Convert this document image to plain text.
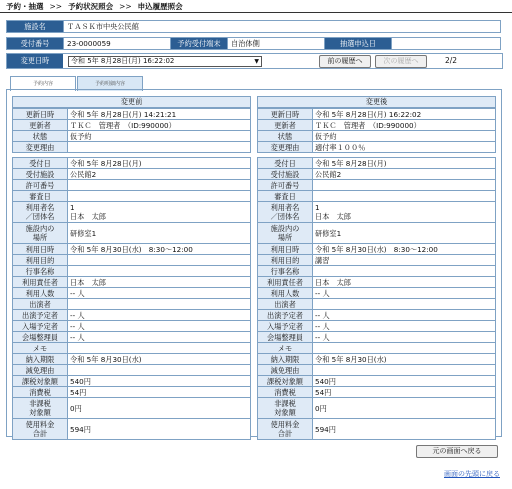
予約・抽選 >> 予約状況照会 >> 申込履歴照会
施設名	ＴＡＳＫ市中央公民館
受付番号	23-0000059	予約受付端末	自治体側	抽選申込日	
変更日時	令和 5年 8月28日(月) 16:22:02	▼	前の履歴へ	次の履歴へ	2/2
予約内容	予約明細内容
変更前
更新日時	令和 5年 8月28日(月) 14:21:21
更新者	ＴＫＣ　管理者　（ID:990000）
状態	仮予約
変更理由	
受付日	令和 5年 8月28日(月)
受付施設	公民館2
許可番号	
審査日	
利用者名
／団体名	1
日本　太郎
施設内の
場所	研修室1
利用日時	令和 5年 8月30日(水)　8:30～12:00
利用目的	
行事名称	
利用責任者	日本　太郎
利用人数	-- 人
出演者	
出演予定者	-- 人
入場予定者	-- 人
会場整理員	-- 人
メモ	
納入期限	令和 5年 8月30日(水)
減免理由	
課税対象額	540円
消費税	54円
非課税
対象額	0円
使用料金
合計	594円
変更後
更新日時	令和 5年 8月28日(月) 16:22:02
更新者	ＴＫＣ　管理者　（ID:990000）
状態	仮予約
変更理由	適付率１００％
受付日	令和 5年 8月28日(月)
受付施設	公民館2
許可番号	
審査日	
利用者名
／団体名	1
日本　太郎
施設内の
場所	研修室1
利用日時	令和 5年 8月30日(水)　8:30～12:00
利用目的	講習
行事名称	
利用責任者	日本　太郎
利用人数	-- 人
出演者	
出演予定者	-- 人
入場予定者	-- 人
会場整理員	-- 人
メモ	
納入期限	令和 5年 8月30日(水)
減免理由	
課税対象額	540円
消費税	54円
非課税
対象額	0円
使用料金
合計	594円
元の画面へ戻る
画面の先頭に戻る
